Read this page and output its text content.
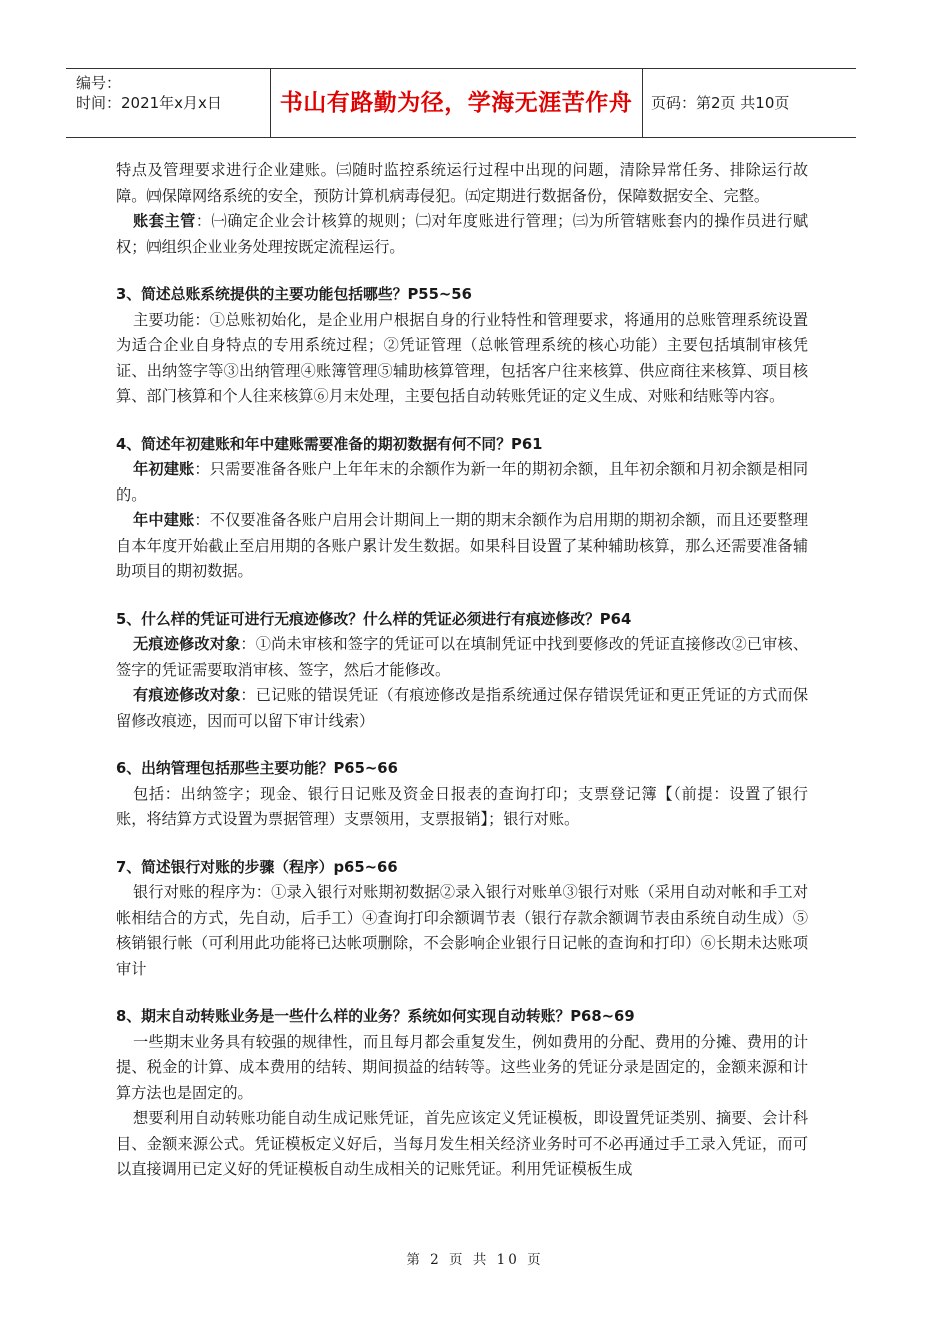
编号：
时间：2021年x月x日	书山有路勤为径，学海无涯苦作舟	页码：第2页 共10页

特点及管理要求进行企业建账。㈢随时监控系统运行过程中出现的问题，清除异常任务、排除运行故障。㈣保障网络系统的安全，预防计算机病毒侵犯。㈤定期进行数据备份，保障数据安全、完整。

账套主管：㈠确定企业会计核算的规则；㈡对年度账进行管理；㈢为所管辖账套内的操作员进行赋权；㈣组织企业业务处理按既定流程运行。

3、简述总账系统提供的主要功能包括哪些？P55~56

主要功能：①总账初始化，是企业用户根据自身的行业特性和管理要求，将通用的总账管理系统设置为适合企业自身特点的专用系统过程；②凭证管理（总帐管理系统的核心功能）主要包括填制审核凭证、出纳签字等③出纳管理④账簿管理⑤辅助核算管理，包括客户往来核算、供应商往来核算、项目核算、部门核算和个人往来核算⑥月末处理，主要包括自动转账凭证的定义生成、对账和结账等内容。

4、简述年初建账和年中建账需要准备的期初数据有何不同？P61

年初建账：只需要准备各账户上年年末的余额作为新一年的期初余额，且年初余额和月初余额是相同的。

年中建账：不仅要准备各账户启用会计期间上一期的期末余额作为启用期的期初余额，而且还要整理自本年度开始截止至启用期的各账户累计发生数据。如果科目设置了某种辅助核算，那么还需要准备辅助项目的期初数据。

5、什么样的凭证可进行无痕迹修改？什么样的凭证必须进行有痕迹修改？P64

无痕迹修改对象：①尚未审核和签字的凭证可以在填制凭证中找到要修改的凭证直接修改②已审核、签字的凭证需要取消审核、签字，然后才能修改。

有痕迹修改对象：已记账的错误凭证（有痕迹修改是指系统通过保存错误凭证和更正凭证的方式而保留修改痕迹，因而可以留下审计线索）

6、出纳管理包括那些主要功能？P65~66

包括：出纳签字；现金、银行日记账及资金日报表的查询打印；支票登记簿【（前提：设置了银行账，将结算方式设置为票据管理）支票领用，支票报销】；银行对账。

7、简述银行对账的步骤（程序）p65~66

银行对账的程序为：①录入银行对账期初数据②录入银行对账单③银行对账（采用自动对帐和手工对帐相结合的方式，先自动，后手工）④查询打印余额调节表（银行存款余额调节表由系统自动生成）⑤核销银行帐（可利用此功能将已达帐项删除，不会影响企业银行日记帐的查询和打印）⑥长期未达账项审计

8、期末自动转账业务是一些什么样的业务？系统如何实现自动转账？P68~69

一些期末业务具有较强的规律性，而且每月都会重复发生，例如费用的分配、费用的分摊、费用的计提、税金的计算、成本费用的结转、期间损益的结转等。这些业务的凭证分录是固定的，金额来源和计算方法也是固定的。

想要利用自动转账功能自动生成记账凭证，首先应该定义凭证模板，即设置凭证类别、摘要、会计科目、金额来源公式。凭证模板定义好后，当每月发生相关经济业务时可不必再通过手工录入凭证，而可以直接调用已定义好的凭证模板自动生成相关的记账凭证。利用凭证模板生成

第 2 页 共 10 页
